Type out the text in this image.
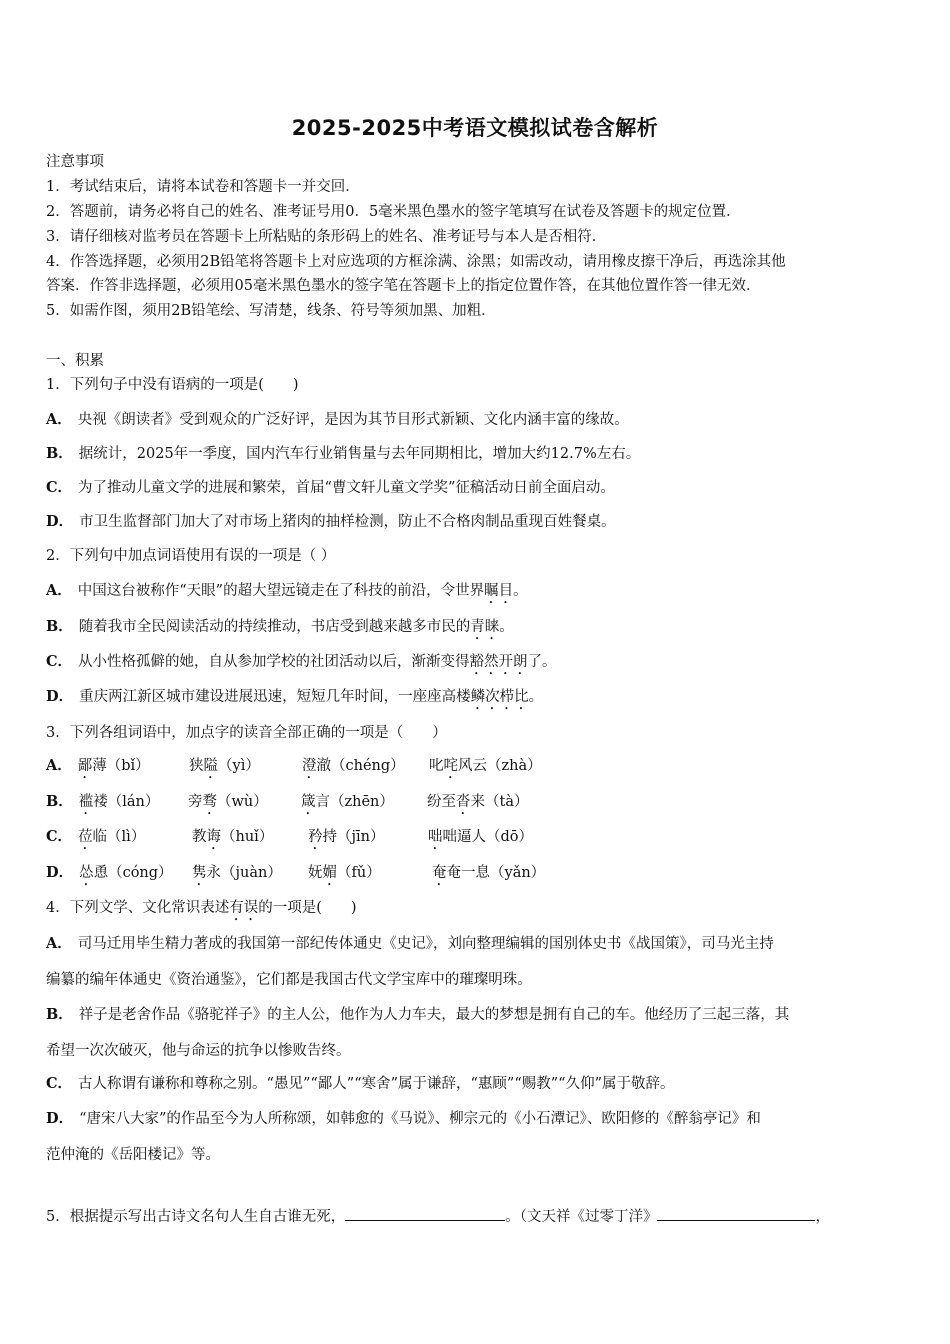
2025-2025中考语文模拟试卷含解析
注意事项
1．考试结束后，请将本试卷和答题卡一并交回．
2．答题前，请务必将自己的姓名、准考证号用0．5毫米黑色墨水的签字笔填写在试卷及答题卡的规定位置．
3．请仔细核对监考员在答题卡上所粘贴的条形码上的姓名、准考证号与本人是否相符．
4．作答选择题，必须用2B铅笔将答题卡上对应选项的方框涂满、涂黑；如需改动，请用橡皮擦干净后，再选涂其他
答案．作答非选择题，必须用05毫米黑色墨水的签字笔在答题卡上的指定位置作答，在其他位置作答一律无效．
5．如需作图，须用2B铅笔绘、写清楚，线条、符号等须加黑、加粗．
一、积累
1．下列句子中没有语病的一项是(　　)
A． 央视《朗读者》受到观众的广泛好评，是因为其节目形式新颖、文化内涵丰富的缘故。
B． 据统计，2025年一季度，国内汽车行业销售量与去年同期相比，增加大约12.7%左右。
C． 为了推动儿童文学的进展和繁荣，首届“曹文轩儿童文学奖”征稿活动日前全面启动。
D． 市卫生监督部门加大了对市场上猪肉的抽样检测，防止不合格肉制品重现百姓餐桌。
2．下列句中加点词语使用有误的一项是（ ）
A． 中国这台被称作“天眼”的超大望远镜走在了科技的前沿，令世界瞩目。
B． 随着我市全民阅读活动的持续推动，书店受到越来越多市民的青睐。
C． 从小性格孤僻的她，自从参加学校的社团活动以后，渐渐变得豁然开朗了。
D． 重庆两江新区城市建设进展迅速，短短几年时间，一座座高楼鳞次栉比。
3．下列各组词语中，加点字的读音全部正确的一项是（　　）
A． 鄙薄（bǐ）	狭隘（yì）	澄澈（chéng） 叱咤风云（zhà）
B． 褴褛（lán） 旁骛（wù） 箴言（zhēn） 纷至沓来（tà）
C． 莅临（lì）	教诲（huǐ） 矜持（jīn）	咄咄逼人（dō）
D． 怂恿（cóng） 隽永（juàn） 妩媚（fǔ）	奄奄一息（yǎn）
4．下列文学、文化常识表述有误的一项是(　　)
A． 司马迁用毕生精力著成的我国第一部纪传体通史《史记》，刘向整理编辑的国别体史书《战国策》，司马光主持
编纂的编年体通史《资治通鉴》，它们都是我国古代文学宝库中的璀璨明珠。
B． 祥子是老舍作品《骆驼祥子》的主人公，他作为人力车夫，最大的梦想是拥有自己的车。他经历了三起三落，其
希望一次次破灭，他与命运的抗争以惨败告终。
C． 古人称谓有谦称和尊称之别。“愚见”“鄙人”“寒舍”属于谦辞，“惠顾”“赐教”“久仰”属于敬辞。
D． “唐宋八大家”的作品至今为人所称颂，如韩愈的《马说》、柳宗元的《小石潭记》、欧阳修的《醉翁亭记》和
范仲淹的《岳阳楼记》等。
5．根据提示写出古诗文名句人生自古谁无死，	。（文天祥《过零丁洋》	，
